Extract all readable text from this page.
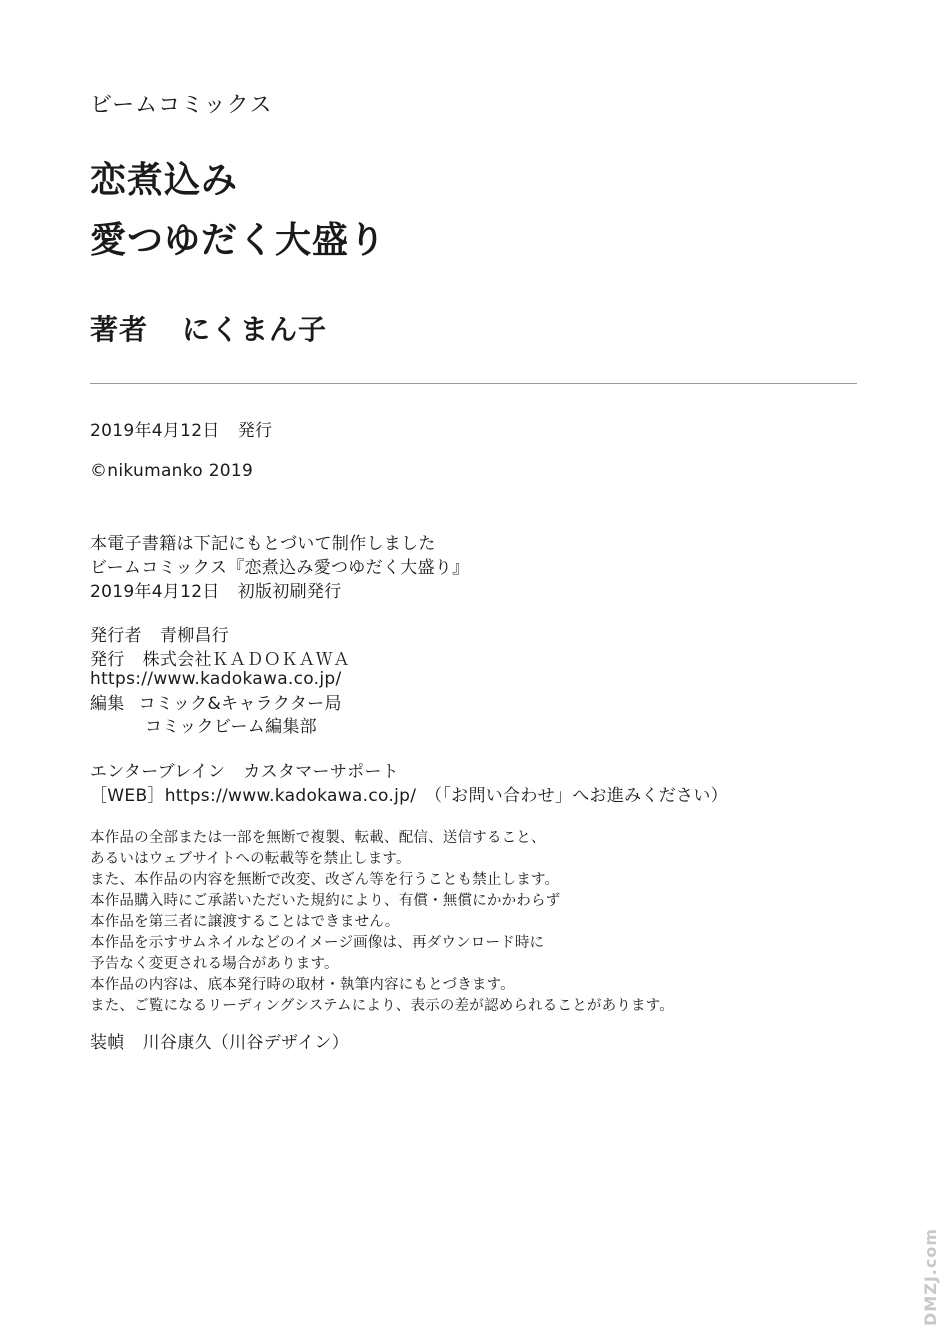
ビームコミックス
恋煮込み
愛つゆだく大盛り
著者 にくまん子
2019年4月12日 発行
©nikumanko 2019
本電子書籍は下記にもとづいて制作しました
ビームコミックス『恋煮込み愛つゆだく大盛り』
2019年4月12日 初版初刷発行
発行者 青柳昌行
発行 株式会社ＫＡＤＯＫＡＷＡ
https://www.kadokawa.co.jp/
編集 コミック&キャラクター局
コミックビーム編集部
エンターブレイン カスタマーサポート
［WEB］https://www.kadokawa.co.jp/　（「お問い合わせ」へお進みください）
本作品の全部または一部を無断で複製、転載、配信、送信すること、
あるいはウェブサイトへの転載等を禁止します。
また、本作品の内容を無断で改変、改ざん等を行うことも禁止します。
本作品購入時にご承諾いただいた規約により、有償・無償にかかわらず
本作品を第三者に譲渡することはできません。
本作品を示すサムネイルなどのイメージ画像は、再ダウンロード時に
予告なく変更される場合があります。
本作品の内容は、底本発行時の取材・執筆内容にもとづきます。
また、ご覧になるリーディングシステムにより、表示の差が認められることがあります。
装幀 川谷康久（川谷デザイン）
DMZJ.com
